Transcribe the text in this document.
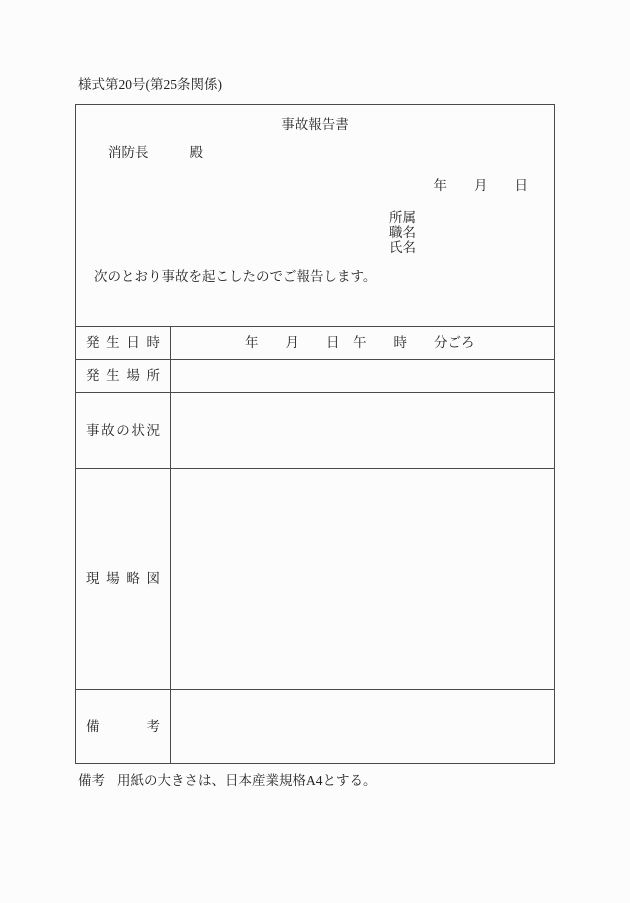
様式第20号(第25条関係)
事故報告書
消防長	殿
年　　月　　日
所属
職名
氏名
次のとおり事故を起こしたのでご報告します。
発 生 日 時	年　　月　　日　午　　時　　分ごろ
発 生 場 所
事 故 の 状 況
現 場 略 図
備	考
備考 用紙の大きさは、日本産業規格A4とする。
